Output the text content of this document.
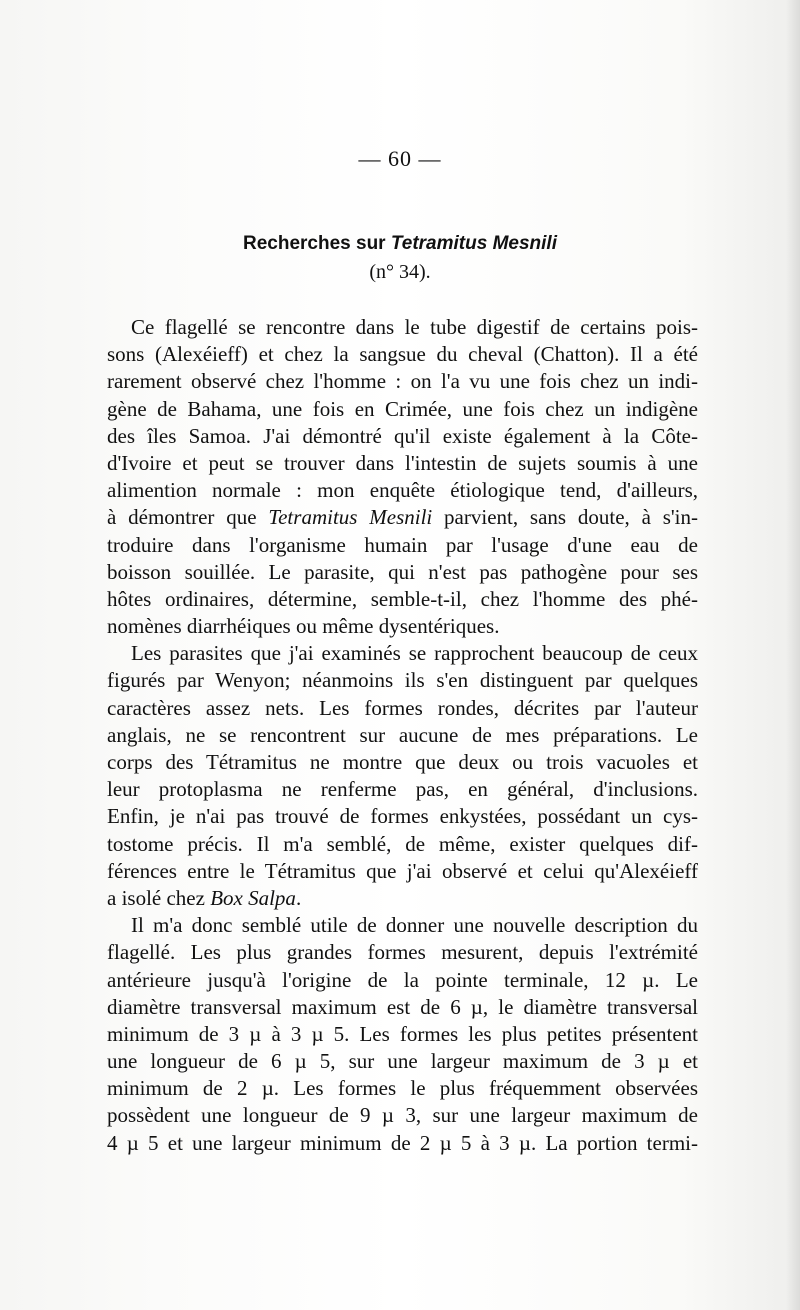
— 60 —
Recherches sur Tetramitus Mesnili
(n° 34).
Ce flagellé se rencontre dans le tube digestif de certains pois-
sons (Alexéieff) et chez la sangsue du cheval (Chatton). Il a été
rarement observé chez l'homme : on l'a vu une fois chez un indi-
gène de Bahama, une fois en Crimée, une fois chez un indigène
des îles Samoa. J'ai démontré qu'il existe également à la Côte-
d'Ivoire et peut se trouver dans l'intestin de sujets soumis à une
alimention normale : mon enquête étiologique tend, d'ailleurs,
à démontrer que Tetramitus Mesnili parvient, sans doute, à s'in-
troduire dans l'organisme humain par l'usage d'une eau de
boisson souillée. Le parasite, qui n'est pas pathogène pour ses
hôtes ordinaires, détermine, semble-t-il, chez l'homme des phé-
nomènes diarrhéiques ou même dysentériques.
Les parasites que j'ai examinés se rapprochent beaucoup de ceux
figurés par Wenyon; néanmoins ils s'en distinguent par quelques
caractères assez nets. Les formes rondes, décrites par l'auteur
anglais, ne se rencontrent sur aucune de mes préparations. Le
corps des Tétramitus ne montre que deux ou trois vacuoles et
leur protoplasma ne renferme pas, en général, d'inclusions.
Enfin, je n'ai pas trouvé de formes enkystées, possédant un cys-
tostome précis. Il m'a semblé, de même, exister quelques dif-
férences entre le Tétramitus que j'ai observé et celui qu'Alexéieff
a isolé chez Box Salpa.
Il m'a donc semblé utile de donner une nouvelle description du
flagellé. Les plus grandes formes mesurent, depuis l'extrémité
antérieure jusqu'à l'origine de la pointe terminale, 12 µ. Le
diamètre transversal maximum est de 6 µ, le diamètre transversal
minimum de 3 µ à 3 µ 5. Les formes les plus petites présentent
une longueur de 6 µ 5, sur une largeur maximum de 3 µ et
minimum de 2 µ. Les formes le plus fréquemment observées
possèdent une longueur de 9 µ 3, sur une largeur maximum de
4 µ 5 et une largeur minimum de 2 µ 5 à 3 µ. La portion termi-
